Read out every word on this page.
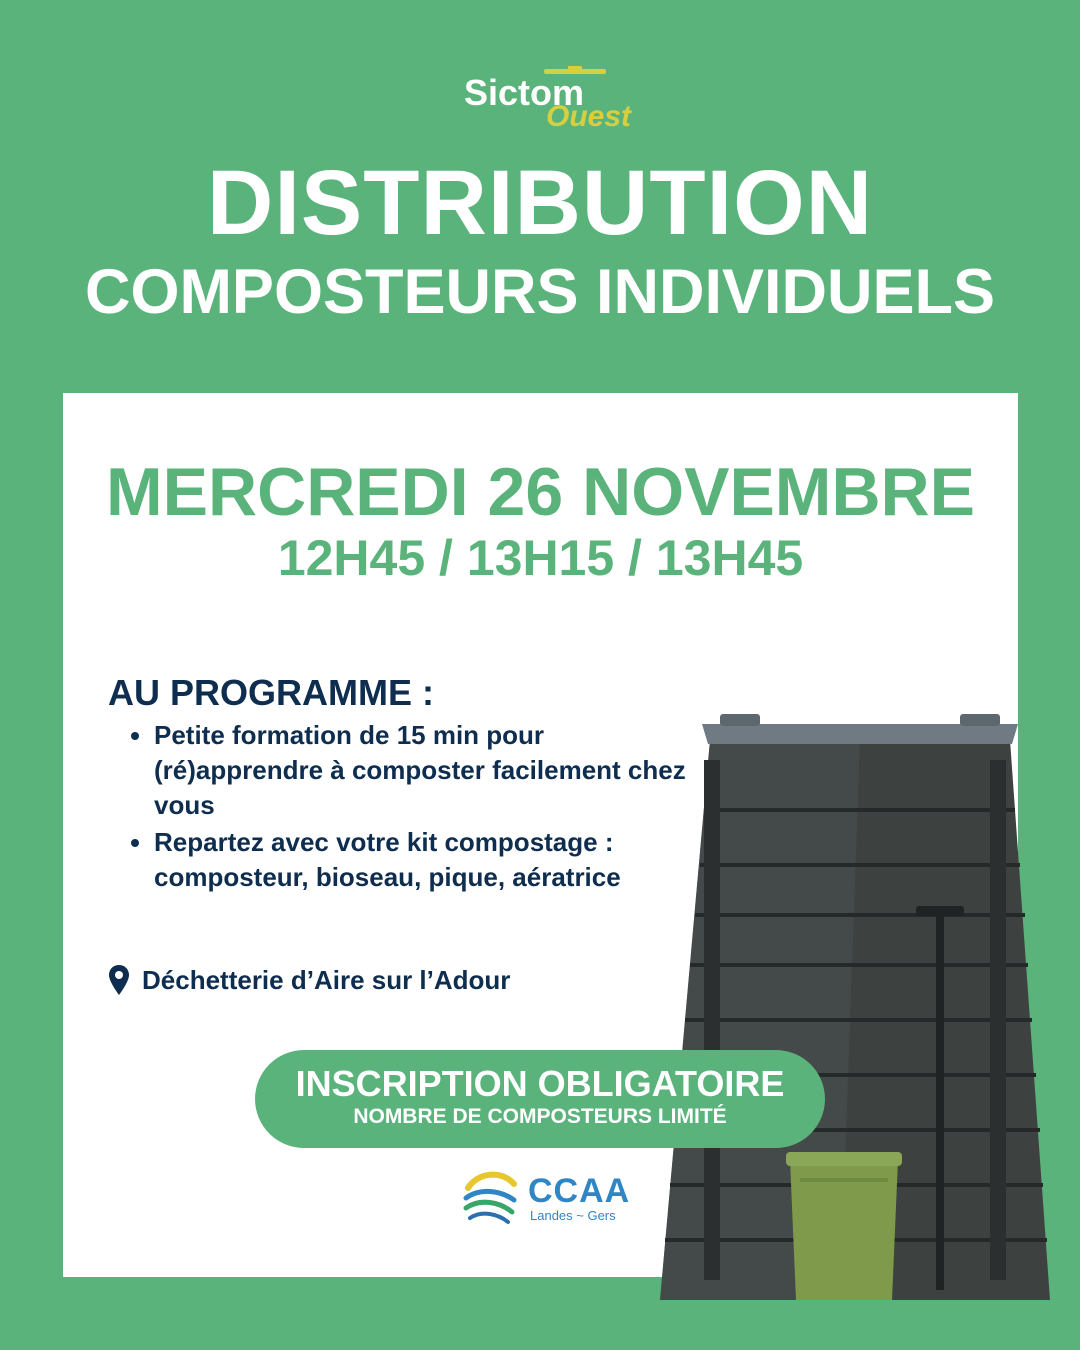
Sictom
Ouest
DISTRIBUTION
COMPOSTEURS INDIVIDUELS
MERCREDI 26 NOVEMBRE
12H45 / 13H15 / 13H45
AU PROGRAMME :
• Petite formation de 15 min pour (ré)apprendre à composter facilement chez vous
• Repartez avec votre kit compostage : composteur, bioseau, pique, aératrice
Déchetterie d’Aire sur l’Adour
INSCRIPTION OBLIGATOIRE
NOMBRE DE COMPOSTEURS LIMITÉ
CCAA
Landes ~ Gers
